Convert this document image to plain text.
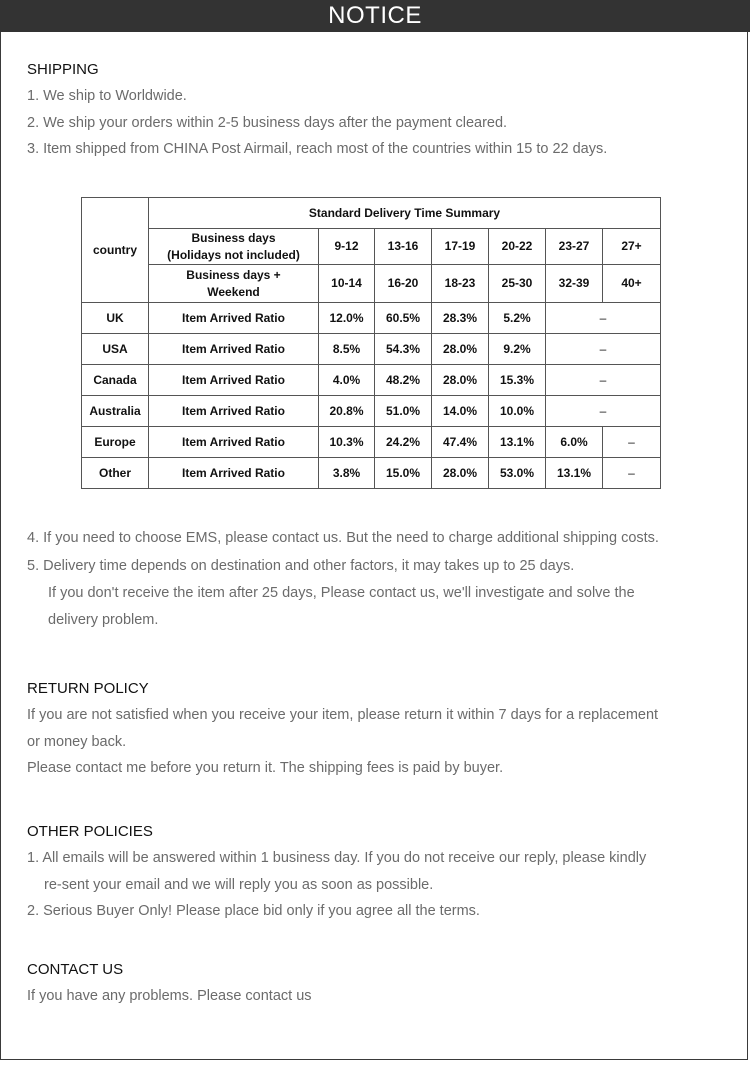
NOTICE
SHIPPING
1. We ship to Worldwide.
2. We ship your orders within 2-5 business days after the payment cleared.
3. Item shipped from CHINA Post Airmail, reach most of the countries within 15 to 22 days.
country	Standard Delivery Time Summary						
	Business days
(Holidays not included)	9-12	13-16	17-19	20-22	23-27	27+
	Business days +
Weekend	10-14	16-20	18-23	25-30	32-39	40+
UK	Item Arrived Ratio	12.0%	60.5%	28.3%	5.2%	–	
USA	Item Arrived Ratio	8.5%	54.3%	28.0%	9.2%	–	
Canada	Item Arrived Ratio	4.0%	48.2%	28.0%	15.3%	–	
Australia	Item Arrived Ratio	20.8%	51.0%	14.0%	10.0%	–	
Europe	Item Arrived Ratio	10.3%	24.2%	47.4%	13.1%	6.0%	–
Other	Item Arrived Ratio	3.8%	15.0%	28.0%	53.0%	13.1%	–
4. If you need to choose EMS, please contact us. But the need to charge additional shipping costs.
5. Delivery time depends on destination and other factors, it may takes up to 25 days.
If you don't receive the item after 25 days, Please contact us, we'll investigate and solve the
delivery problem.
RETURN POLICY
If you are not satisfied when you receive your item, please return it within 7 days for a replacement
or money back.
Please contact me before you return it. The shipping fees is paid by buyer.
OTHER POLICIES
1. All emails will be answered within 1 business day. If you do not receive our reply, please kindly
re-sent your email and we will reply you as soon as possible.
2. Serious Buyer Only! Please place bid only if you agree all the terms.
CONTACT US
If you have any problems. Please contact us
